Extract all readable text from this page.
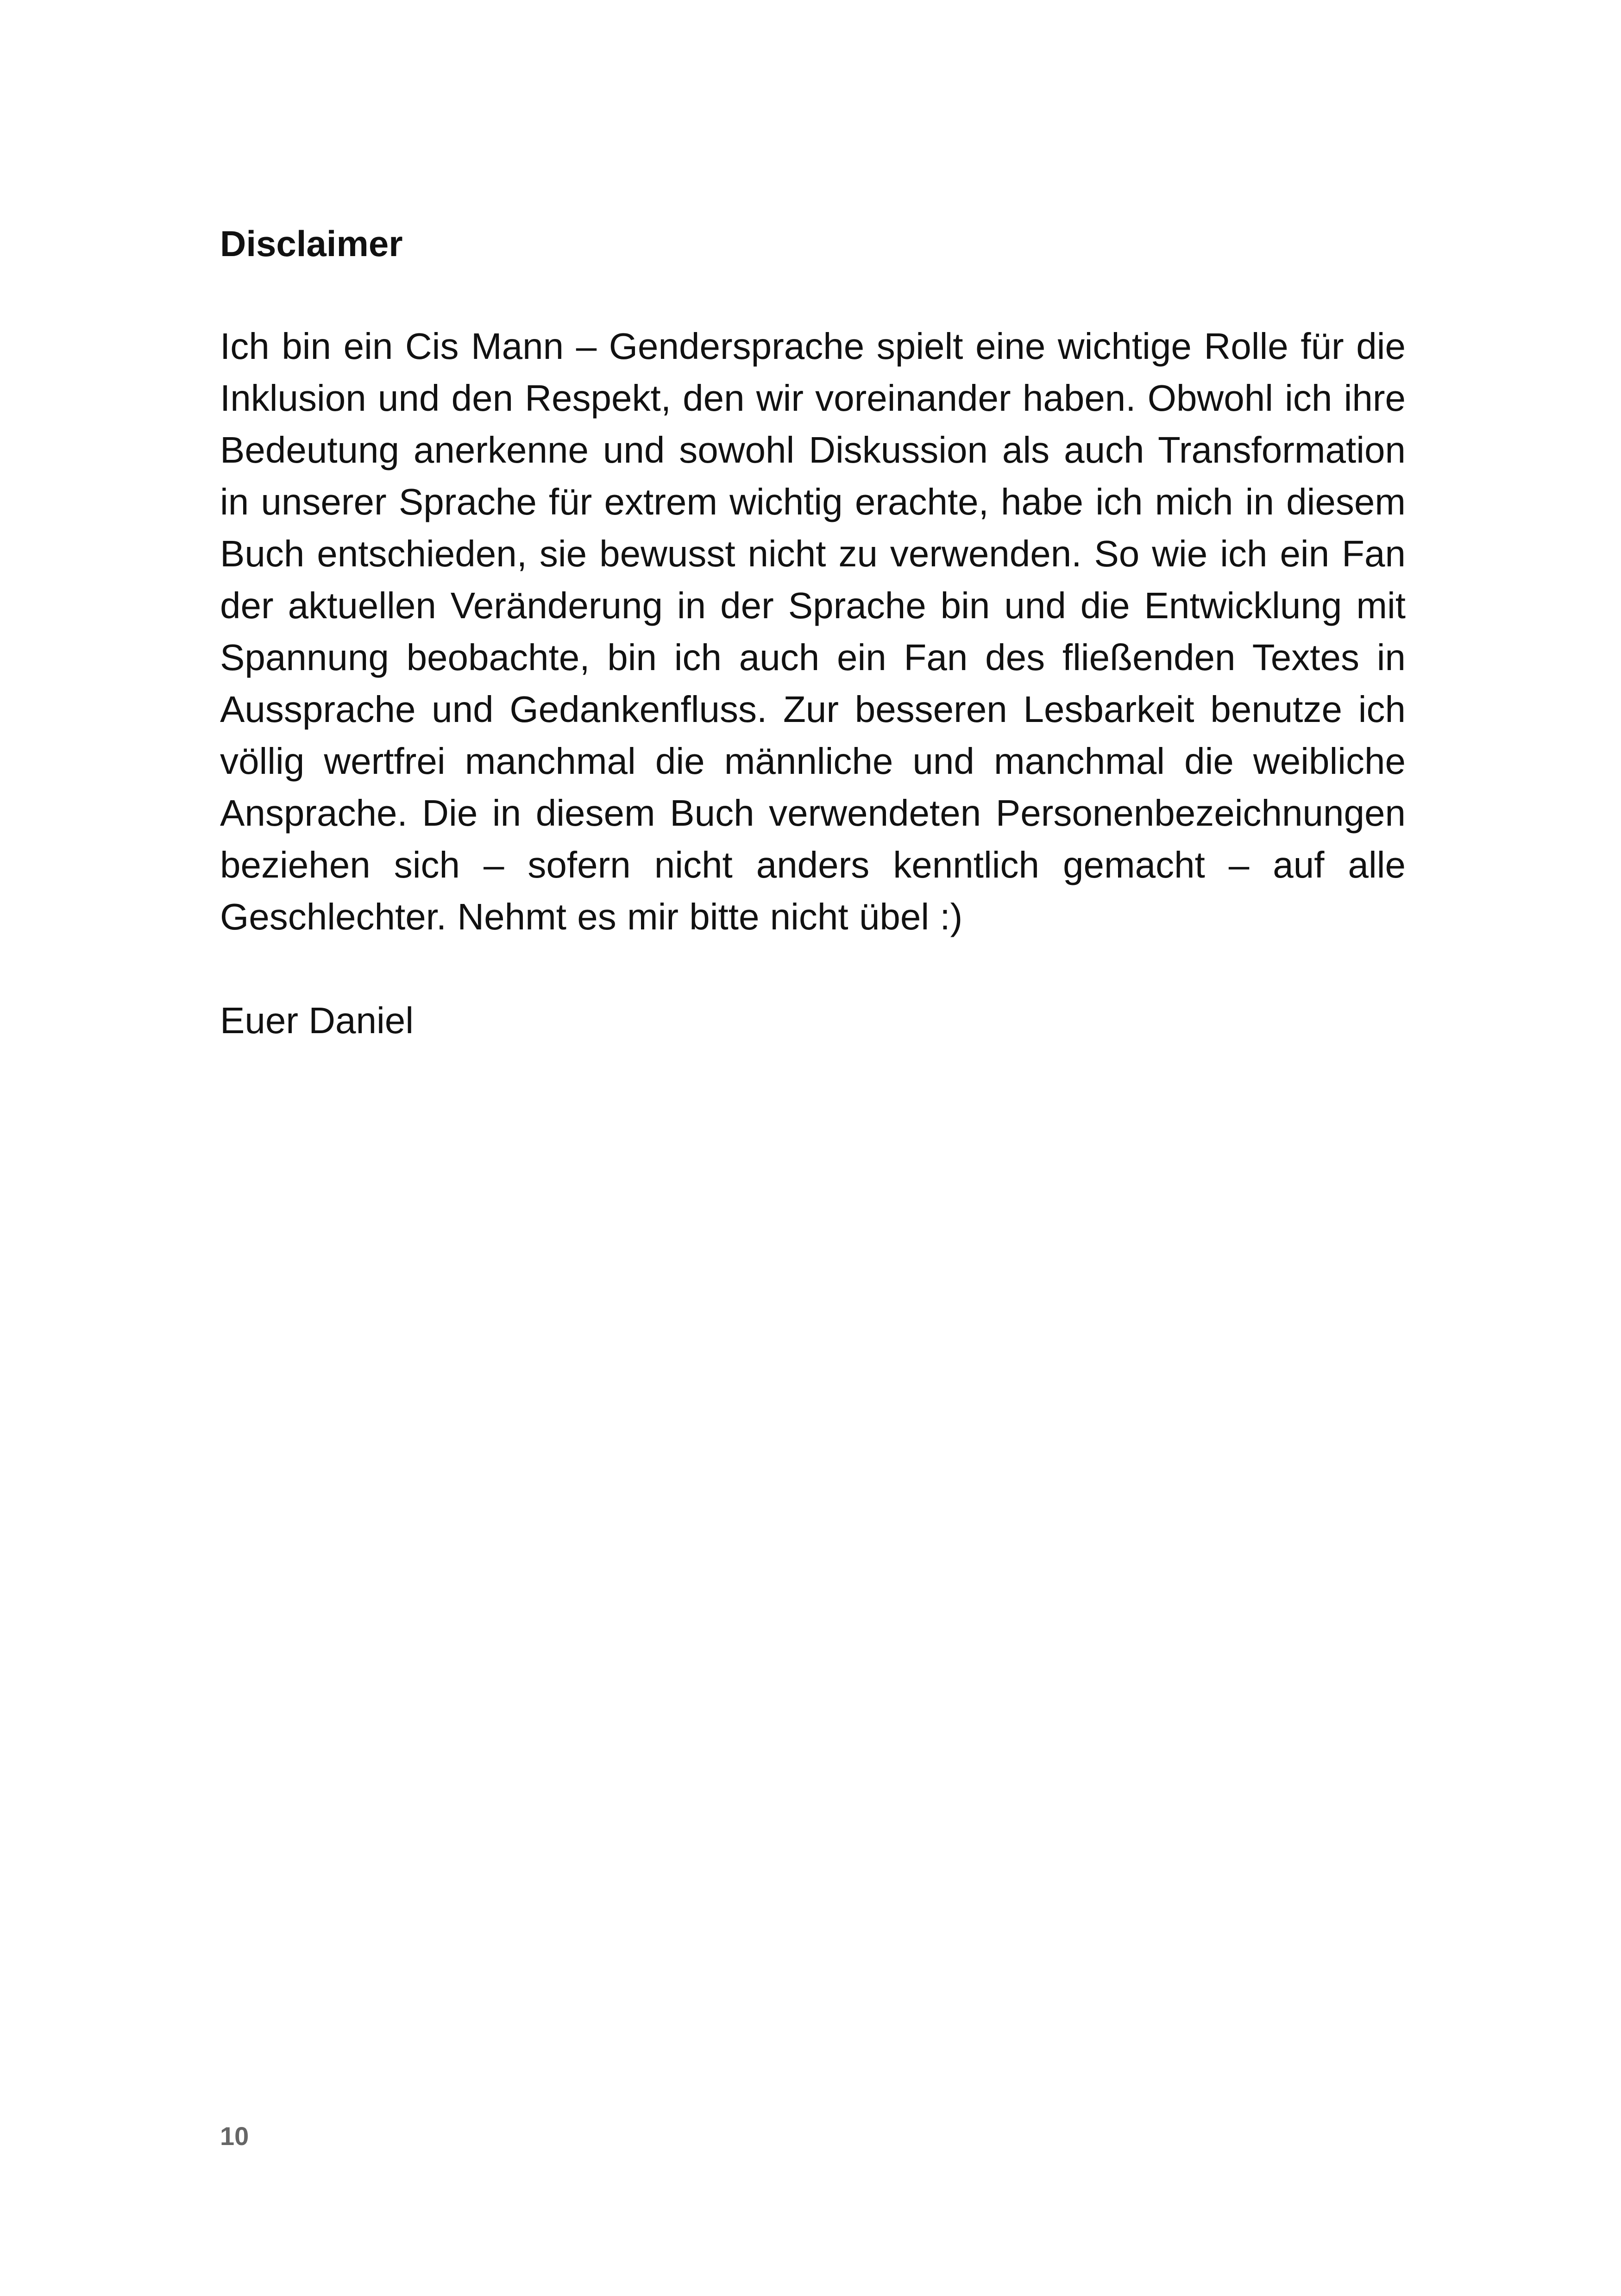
Disclaimer

Ich bin ein Cis Mann – Gendersprache spielt eine wichtige Rolle für die Inklusion und den Respekt, den wir voreinander haben. Obwohl ich ihre Bedeutung anerkenne und sowohl Diskussion als auch Transformation in unserer Sprache für extrem wichtig erachte, habe ich mich in diesem Buch entschieden, sie bewusst nicht zu verwenden. So wie ich ein Fan der aktuellen Veränderung in der Sprache bin und die Entwicklung mit Spannung beobachte, bin ich auch ein Fan des fließenden Textes in Aussprache und Gedankenfluss. Zur besseren Lesbarkeit benutze ich völlig wertfrei manchmal die männliche und manchmal die weibliche Ansprache. Die in diesem Buch verwendeten Personenbezeichnungen beziehen sich – sofern nicht anders kenntlich gemacht – auf alle Geschlechter. Nehmt es mir bitte nicht übel :)

Euer Daniel

10
